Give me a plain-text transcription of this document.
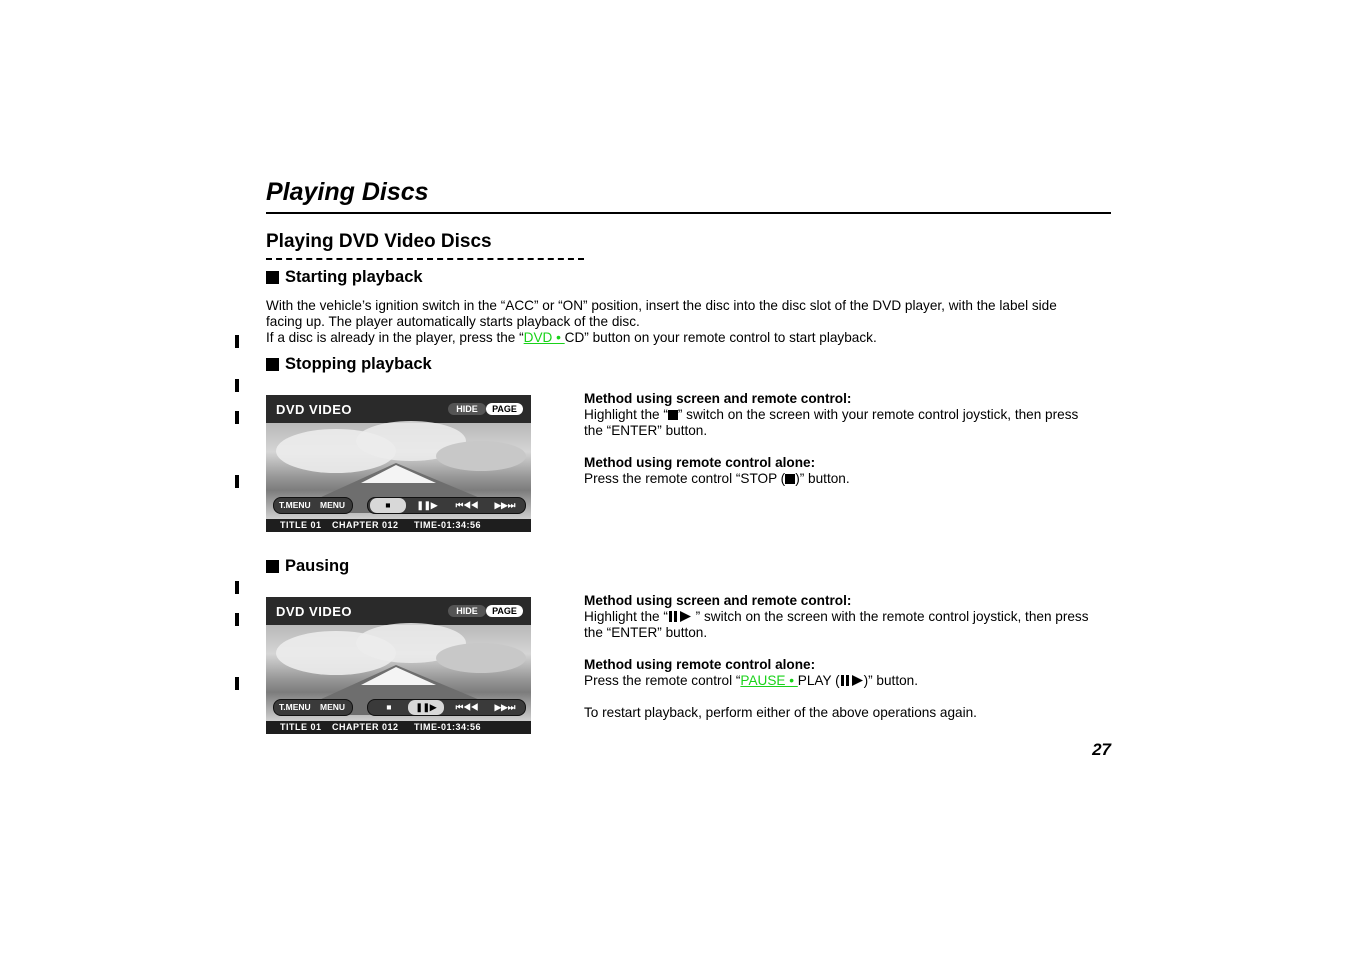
Playing Discs
Playing DVD Video Discs
Starting playback
With the vehicle’s ignition switch in the “ACC” or “ON” position, insert the disc into the disc slot of the DVD player, with the label side
facing up. The player automatically starts playback of the disc.
If a disc is already in the player, press the “DVD • CD” button on your remote control to start playback.
Stopping playback
DVD VIDEO	HIDE	PAGE
T.MENU MENU	■	❚❚▶	⏮◀◀	▶▶⏭
TITLE 01 CHAPTER 012 TIME-01:34:56
Method using screen and remote control:
Highlight the “ ” switch on the screen with your remote control joystick, then press
the “ENTER” button.
Method using remote control alone:
Press the remote control “STOP ( )” button.
Pausing
DVD VIDEO	HIDE	PAGE
T.MENU MENU	■	❚❚▶	⏮◀◀	▶▶⏭
TITLE 01 CHAPTER 012 TIME-01:34:56
Method using screen and remote control:
Highlight the “ ” switch on the screen with the remote control joystick, then press
the “ENTER” button.
Method using remote control alone:
Press the remote control “PAUSE • PLAY ( )” button.
To restart playback, perform either of the above operations again.
27
